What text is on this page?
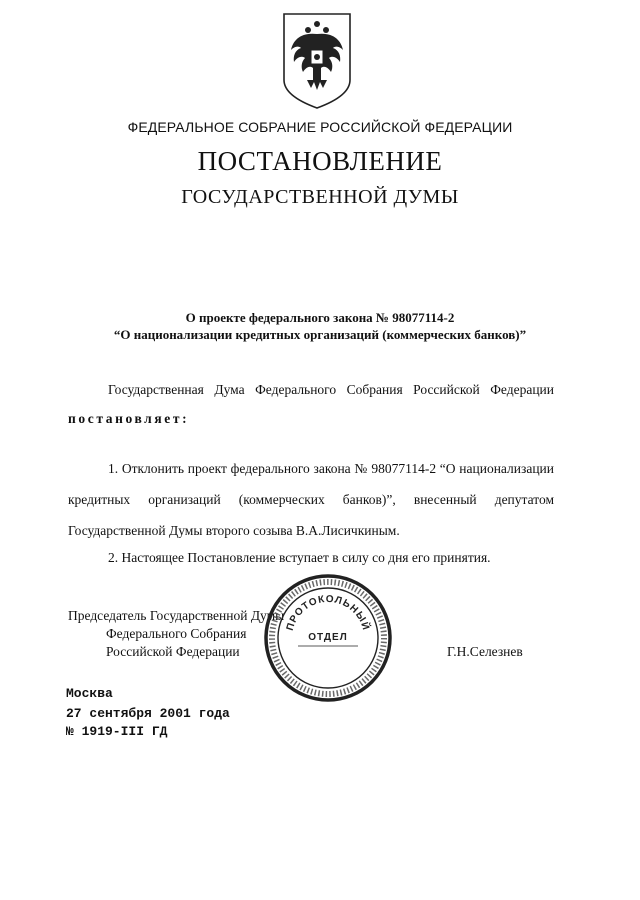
ФЕДЕРАЛЬНОЕ СОБРАНИЕ РОССИЙСКОЙ ФЕДЕРАЦИИ
ПОСТАНОВЛЕНИЕ
ГОСУДАРСТВЕННОЙ ДУМЫ
О проекте федерального закона № 98077114-2
“О национализации кредитных организаций (коммерческих банков)”
Государственная Дума Федерального Собрания Российской Федерации
постановляет:
1. Отклонить проект федерального закона № 98077114-2 “О национализации
кредитных организаций (коммерческих банков)”, внесенный депутатом
Государственной Думы второго созыва В.А.Лисичкиным.
2. Настоящее Постановление вступает в силу со дня его принятия.
Председатель Государственной Думы
Федерального Собрания
Российской Федерации	Г.Н.Селезнев
ПРОТОКОЛЬНЫЙ
ОТДЕЛ
Москва
27 сентября 2001 года
№ 1919-III ГД
